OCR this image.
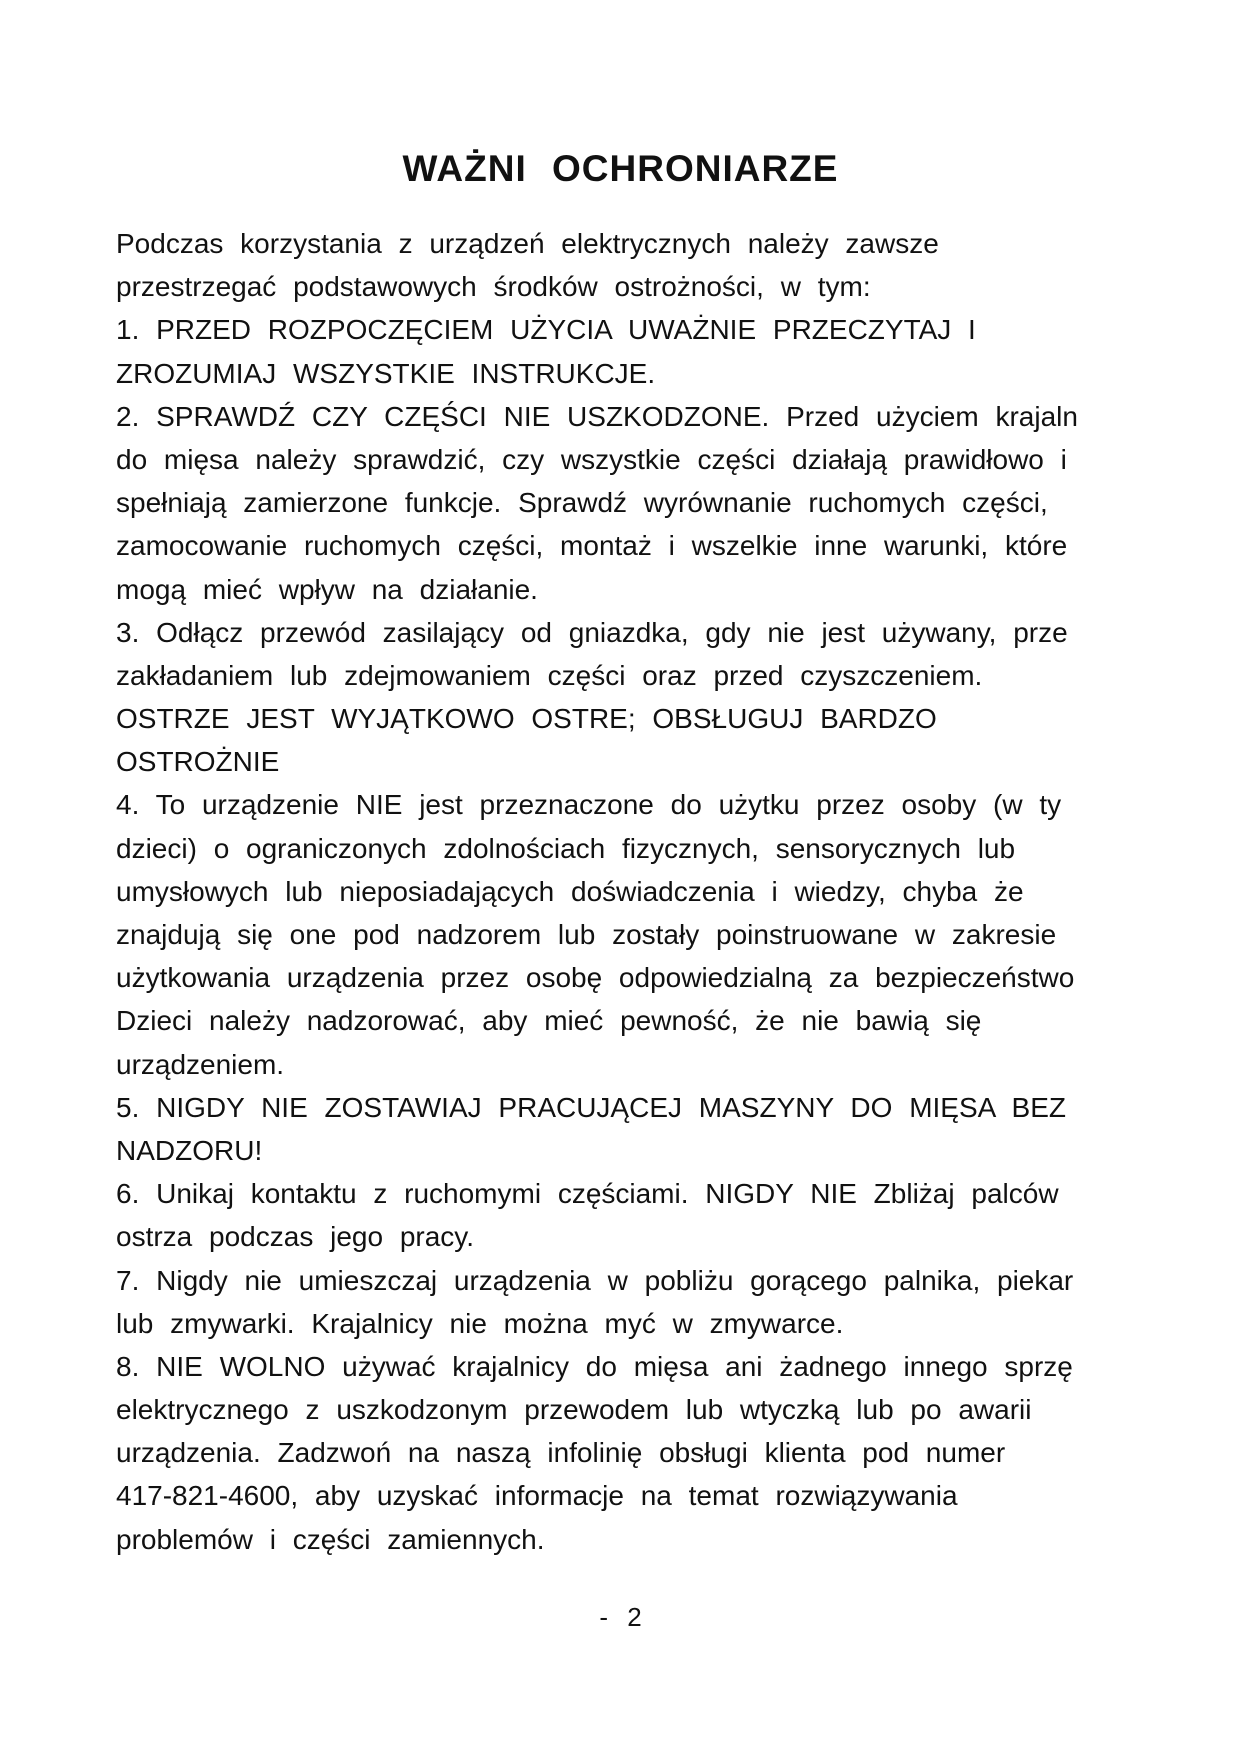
WAŻNI OCHRONIARZE
Podczas korzystania z urządzeń elektrycznych należy zawsze
przestrzegać podstawowych środków ostrożności, w tym:
1. PRZED ROZPOCZĘCIEM UŻYCIA UWAŻNIE PRZECZYTAJ I
ZROZUMIAJ WSZYSTKIE INSTRUKCJE.
2. SPRAWDŹ CZY CZĘŚCI NIE USZKODZONE. Przed użyciem krajaln
do mięsa należy sprawdzić, czy wszystkie części działają prawidłowo i
spełniają zamierzone funkcje. Sprawdź wyrównanie ruchomych części,
zamocowanie ruchomych części, montaż i wszelkie inne warunki, które
mogą mieć wpływ na działanie.
3. Odłącz przewód zasilający od gniazdka, gdy nie jest używany, prze
zakładaniem lub zdejmowaniem części oraz przed czyszczeniem.
OSTRZE JEST WYJĄTKOWO OSTRE; OBSŁUGUJ BARDZO
OSTROŻNIE
4. To urządzenie NIE jest przeznaczone do użytku przez osoby (w ty
dzieci) o ograniczonych zdolnościach fizycznych, sensorycznych lub
umysłowych lub nieposiadających doświadczenia i wiedzy, chyba że
znajdują się one pod nadzorem lub zostały poinstruowane w zakresie
użytkowania urządzenia przez osobę odpowiedzialną za bezpieczeństwo
Dzieci należy nadzorować, aby mieć pewność, że nie bawią się
urządzeniem.
5. NIGDY NIE ZOSTAWIAJ PRACUJĄCEJ MASZYNY DO MIĘSA BEZ
NADZORU!
6. Unikaj kontaktu z ruchomymi częściami. NIGDY NIE Zbliżaj palców
ostrza podczas jego pracy.
7. Nigdy nie umieszczaj urządzenia w pobliżu gorącego palnika, piekar
lub zmywarki. Krajalnicy nie można myć w zmywarce.
8. NIE WOLNO używać krajalnicy do mięsa ani żadnego innego sprzę
elektrycznego z uszkodzonym przewodem lub wtyczką lub po awarii
urządzenia. Zadzwoń na naszą infolinię obsługi klienta pod numer
417-821-4600, aby uzyskać informacje na temat rozwiązywania
problemów i części zamiennych.
- 2
